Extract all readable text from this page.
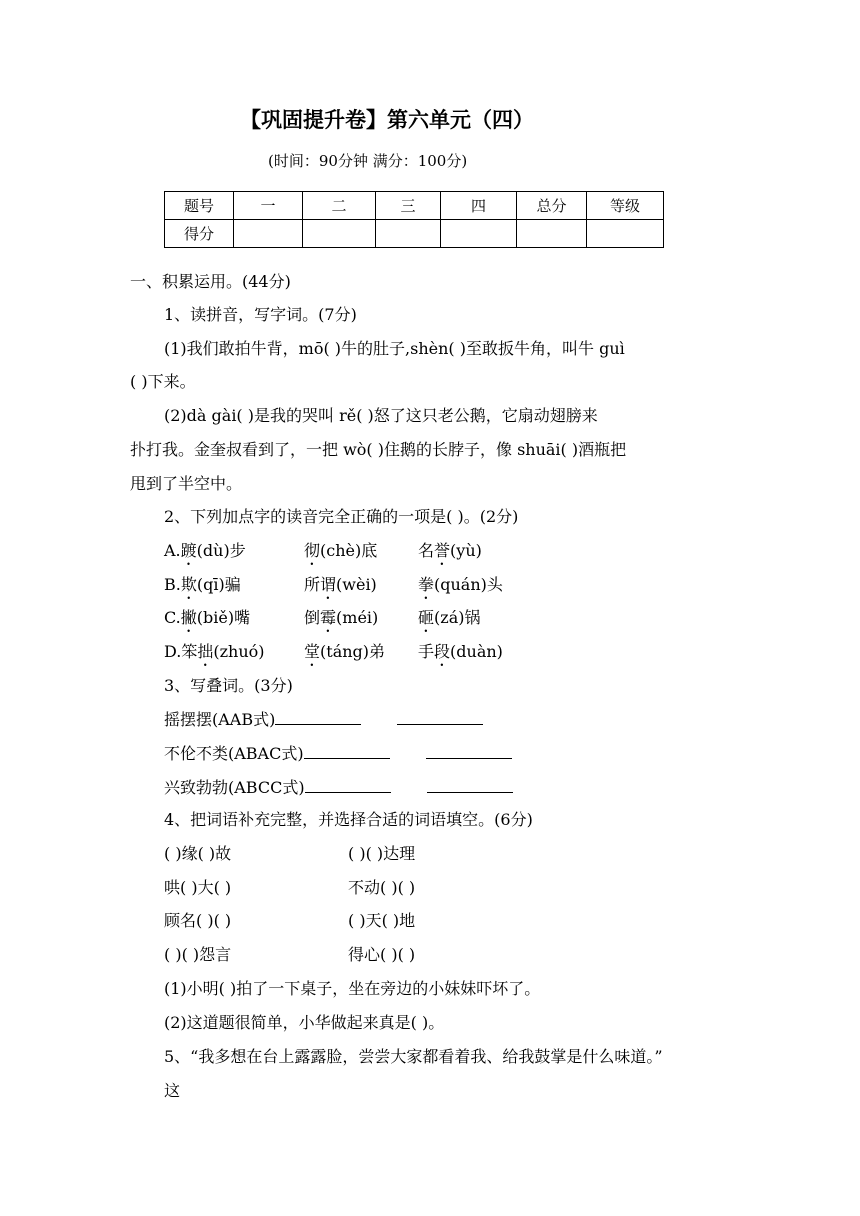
【巩固提升卷】第六单元（四）
(时间：90分钟 满分：100分)
题号	一	二	三	四	总分	等级
得分						
一、积累运用。(44分)
1、读拼音，写字词。(7分)
(1)我们敢拍牛背，mō( )牛的肚子,shèn( )至敢扳牛角，叫牛 guì
( )下来。
(2)dà gài( )是我的哭叫 rě( )怒了这只老公鹅，它扇动翅膀来
扑打我。金奎叔看到了，一把 wò( )住鹅的长脖子，像 shuāi( )酒瓶把
甩到了半空中。
2、下列加点字的读音完全正确的一项是( )。(2分)
A.踱(dù)步	彻(chè)底	名誉(yù)
B.欺(qī)骗	所谓(wèi)	拳(quán)头
C.撇(biě)嘴	倒霉(méi) 砸(zá)锅
D.笨拙(zhuó) 堂(táng)弟 手段(duàn)
3、写叠词。(3分)
摇摆摆(AAB式)
不伦不类(ABAC式)
兴致勃勃(ABCC式)
4、把词语补充完整，并选择合适的词语填空。(6分)
( )缘( )故	( )( )达理
哄( )大( )	不动( )( )
顾名( )( )	( )天( )地
( )( )怨言	得心( )( )
(1)小明( )拍了一下桌子，坐在旁边的小妹妹吓坏了。
(2)这道题很简单，小华做起来真是( )。
5、“我多想在台上露露脸，尝尝大家都看着我、给我鼓掌是什么味道。”
这
